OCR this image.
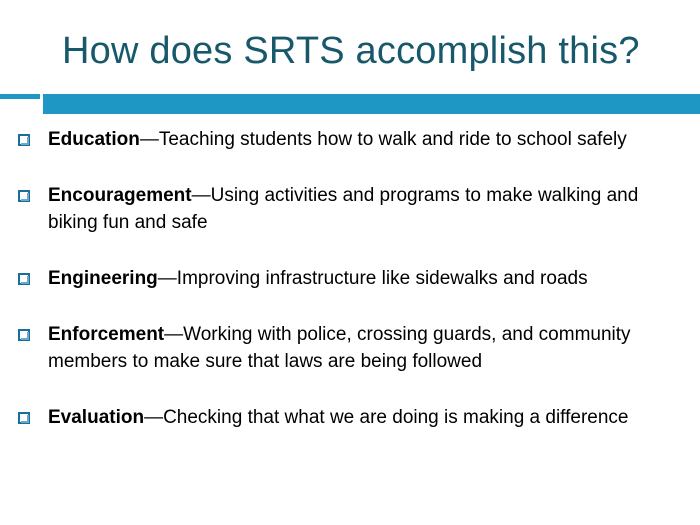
How does SRTS accomplish this?
Education—Teaching students how to walk and ride to school safely
Encouragement—Using activities and programs to make walking and biking fun and safe
Engineering—Improving infrastructure like sidewalks and roads
Enforcement—Working with police, crossing guards, and community members to make sure that laws are being followed
Evaluation—Checking that what we are doing is making a difference
